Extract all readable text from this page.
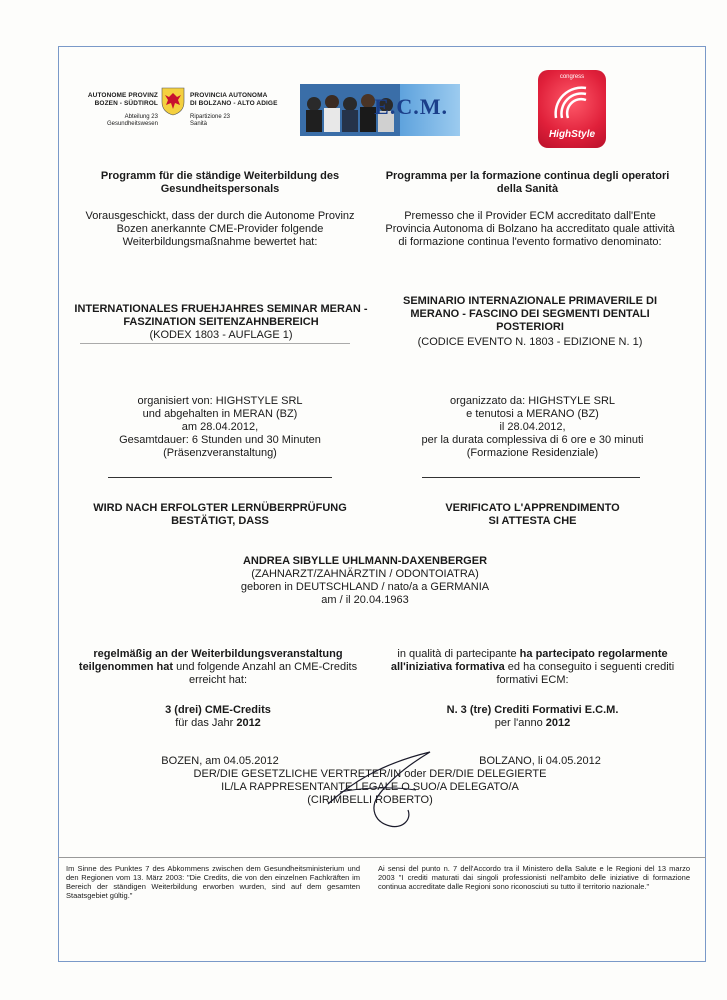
AUTONOME PROVINZ
BOZEN - SÜDTIROL
Abteilung 23
Gesundheitswesen
PROVINCIA AUTONOMA
DI BOLZANO - ALTO ADIGE
Ripartizione 23
Sanità
E.C.M.
congress
HighStyle
Programm für die ständige Weiterbildung des Gesundheitspersonals
Programma per la formazione continua degli operatori della Sanità
Vorausgeschickt, dass der durch die Autonome Provinz Bozen anerkannte CME-Provider folgende Weiterbildungsmaßnahme bewertet hat:
Premesso che il Provider ECM accreditato dall'Ente Provincia Autonoma di Bolzano ha accreditato quale attività di formazione continua l'evento formativo denominato:
INTERNATIONALES FRUEHJAHRES SEMINAR MERAN - FASZINATION SEITENZAHNBEREICH
(KODEX 1803 - AUFLAGE 1)
SEMINARIO INTERNAZIONALE PRIMAVERILE DI
MERANO - FASCINO DEI SEGMENTI DENTALI
POSTERIORI
(CODICE EVENTO N. 1803 - EDIZIONE N. 1)
organisiert von: HIGHSTYLE SRL
und abgehalten in MERAN (BZ)
am 28.04.2012,
Gesamtdauer: 6 Stunden und 30 Minuten
(Präsenzveranstaltung)
organizzato da: HIGHSTYLE SRL
e tenutosi a MERANO (BZ)
il 28.04.2012,
per la durata complessiva di 6 ore e 30 minuti
(Formazione Residenziale)
WIRD NACH ERFOLGTER LERNÜBERPRÜFUNG
BESTÄTIGT, DASS
VERIFICATO L'APPRENDIMENTO
SI ATTESTA CHE
ANDREA SIBYLLE UHLMANN-DAXENBERGER
(ZAHNARZT/ZAHNÄRZTIN / ODONTOIATRA)
geboren in DEUTSCHLAND / nato/a a GERMANIA
am / il 20.04.1963
regelmäßig an der Weiterbildungsveranstaltung
teilgenommen hat und folgende Anzahl an CME-Credits
erreicht hat:
in qualità di partecipante ha partecipato regolarmente
all'iniziativa formativa ed ha conseguito i seguenti crediti
formativi ECM:
3 (drei) CME-Credits
für das Jahr 2012
N. 3 (tre) Crediti Formativi E.C.M.
per l'anno 2012
BOZEN, am 04.05.2012	BOLZANO, li 04.05.2012
DER/DIE GESETZLICHE VERTRETER/IN oder DER/DIE DELEGIERTE
IL/LA RAPPRESENTANTE LEGALE O SUO/A DELEGATO/A
(CIRIMBELLI ROBERTO)
Im Sinne des Punktes 7 des Abkommens zwischen dem Gesundheitsministerium und den Regionen vom 13. März 2003: "Die Credits, die von den einzelnen Fachkräften im Bereich der ständigen Weiterbildung erworben wurden, sind auf dem gesamten Staatsgebiet gültig."
Ai sensi del punto n. 7 dell'Accordo tra il Ministero della Salute e le Regioni del 13 marzo 2003 "I crediti maturati dai singoli professionisti nell'ambito delle iniziative di formazione continua accreditate dalle Regioni sono riconosciuti su tutto il territorio nazionale."
